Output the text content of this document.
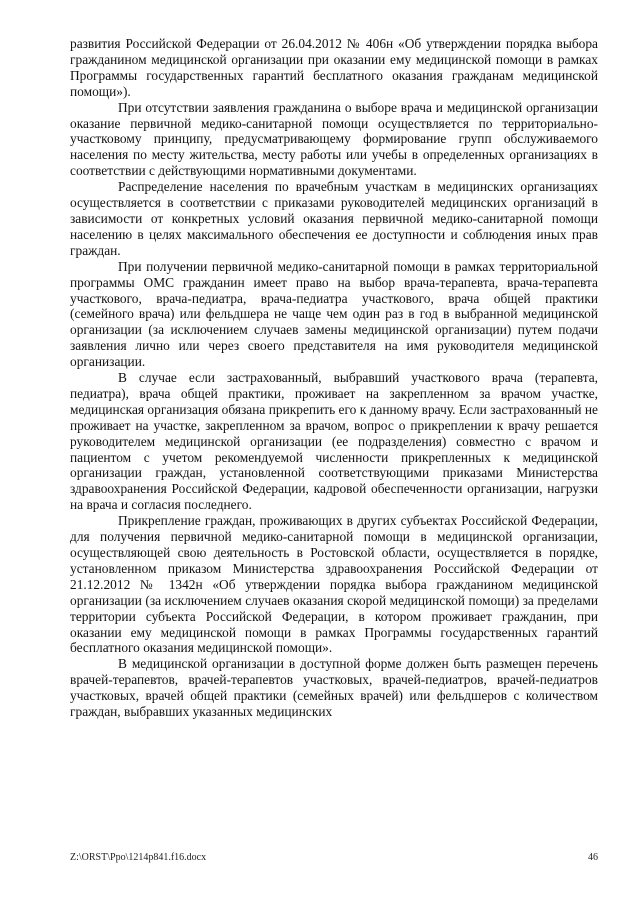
развития Российской Федерации от 26.04.2012 № 406н «Об утверждении порядка выбора гражданином медицинской организации при оказании ему медицинской помощи в рамках Программы государственных гарантий бесплатного оказания гражданам медицинской помощи»).

При отсутствии заявления гражданина о выборе врача и медицинской организации оказание первичной медико-санитарной помощи осуществляется по территориально-участковому принципу, предусматривающему формирование групп обслуживаемого населения по месту жительства, месту работы или учебы в определенных организациях в соответствии с действующими нормативными документами.

Распределение населения по врачебным участкам в медицинских организациях осуществляется в соответствии с приказами руководителей медицинских организаций в зависимости от конкретных условий оказания первичной медико-санитарной помощи населению в целях максимального обеспечения ее доступности и соблюдения иных прав граждан.

При получении первичной медико-санитарной помощи в рамках территориальной программы ОМС гражданин имеет право на выбор врача-терапевта, врача-терапевта участкового, врача-педиатра, врача-педиатра участкового, врача общей практики (семейного врача) или фельдшера не чаще чем один раз в год в выбранной медицинской организации (за исключением случаев замены медицинской организации) путем подачи заявления лично или через своего представителя на имя руководителя медицинской организации.

В случае если застрахованный, выбравший участкового врача (терапевта, педиатра), врача общей практики, проживает на закрепленном за врачом участке, медицинская организация обязана прикрепить его к данному врачу. Если застрахованный не проживает на участке, закрепленном за врачом, вопрос о прикреплении к врачу решается руководителем медицинской организации (ее подразделения) совместно с врачом и пациентом с учетом рекомендуемой численности прикрепленных к медицинской организации граждан, установленной соответствующими приказами Министерства здравоохранения Российской Федерации, кадровой обеспеченности организации, нагрузки на врача и согласия последнего.

Прикрепление граждан, проживающих в других субъектах Российской Федерации, для получения первичной медико-санитарной помощи в медицинской организации, осуществляющей свою деятельность в Ростовской области, осуществляется в порядке, установленном приказом Министерства здравоохранения Российской Федерации от 21.12.2012 № 1342н «Об утверждении порядка выбора гражданином медицинской организации (за исключением случаев оказания скорой медицинской помощи) за пределами территории субъекта Российской Федерации, в котором проживает гражданин, при оказании ему медицинской помощи в рамках Программы государственных гарантий бесплатного оказания медицинской помощи».

В медицинской организации в доступной форме должен быть размещен перечень врачей-терапевтов, врачей-терапевтов участковых, врачей-педиатров, врачей-педиатров участковых, врачей общей практики (семейных врачей) или фельдшеров с количеством граждан, выбравших указанных медицинских

Z:\ORST\Ppo\1214p841.f16.docx	46
